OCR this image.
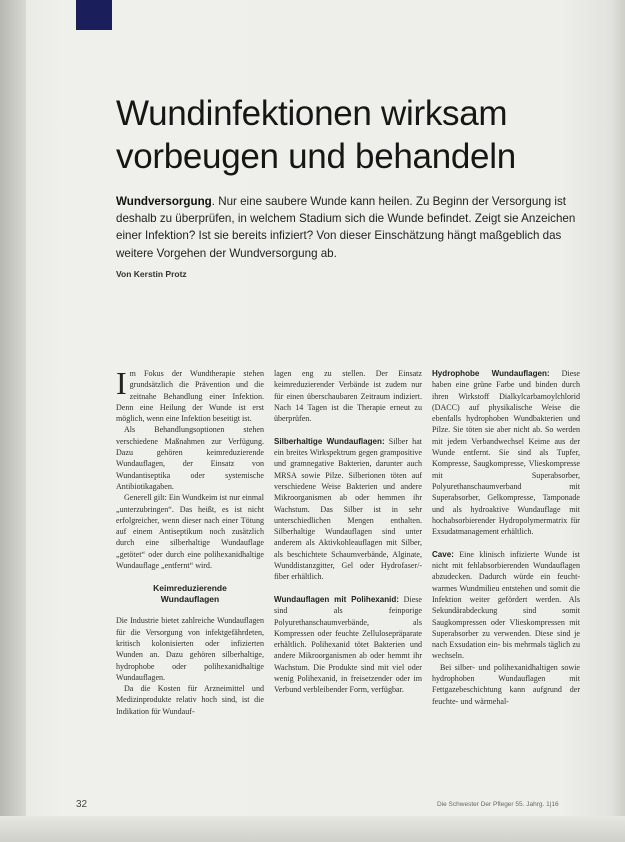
Wundinfektionen wirksam vorbeugen und behandeln

Wundversorgung. Nur eine saubere Wunde kann heilen. Zu Beginn der Versorgung ist deshalb zu überprüfen, in welchem Stadium sich die Wunde befindet. Zeigt sie Anzeichen einer Infektion? Ist sie bereits infiziert? Von dieser Einschätzung hängt maßgeblich das weitere Vorgehen der Wundversorgung ab.

Von Kerstin Protz

Im Fokus der Wundtherapie stehen grundsätzlich die Prävention und die zeitnahe Behandlung einer Infektion. Denn eine Heilung der Wunde ist erst möglich, wenn eine Infektion beseitigt ist.

Als Behandlungsoptionen stehen verschiedene Maßnahmen zur Verfügung. Dazu gehören keimreduzierende Wundauflagen, der Einsatz von Wundantiseptika oder systemische Antibiotikagaben.

Generell gilt: Ein Wundkeim ist nur einmal „unterzubringen“. Das heißt, es ist nicht erfolgreicher, wenn dieser nach einer Tötung auf einem Antiseptikum noch zusätzlich durch eine silberhaltige Wundauflage „getötet“ oder durch eine polihexanidhaltige Wundauflage „entfernt“ wird.

Keimreduzierende
Wundauflagen

Die Industrie bietet zahlreiche Wundauflagen für die Versorgung von infektgefährdeten, kritisch kolonisierten oder infizierten Wunden an. Dazu gehören silberhaltige, hydrophobe oder polihexanidhaltige Wundauflagen.

Da die Kosten für Arzneimittel und Medizinprodukte relativ hoch sind, ist die Indikation für Wundauf-

lagen eng zu stellen. Der Einsatz keimreduzierender Verbände ist zudem nur für einen überschaubaren Zeitraum indiziert. Nach 14 Tagen ist die Therapie erneut zu überprüfen.

Silberhaltige Wundauflagen: Silber hat ein breites Wirkspektrum gegen grampositive und gramnegative Bakterien, darunter auch MRSA sowie Pilze. Silberionen töten auf verschiedene Weise Bakterien und andere Mikroorganismen ab oder hemmen ihr Wachstum. Das Silber ist in sehr unterschiedlichen Mengen enthalten. Silberhaltige Wundauflagen sind unter anderem als Aktivkohleauflagen mit Silber, als beschichtete Schaumverbände, Alginate, Wunddistanzgitter, Gel oder Hydrofaser/-fiber erhältlich.

Wundauflagen mit Polihexanid: Diese sind als feinporige Polyurethanschaumverbände, als Kompressen oder feuchte Zellulosepräparate erhältlich. Polihexanid tötet Bakterien und andere Mikroorganismen ab oder hemmt ihr Wachstum. Die Produkte sind mit viel oder wenig Polihexanid, in freisetzender oder im Verbund verbleibender Form, verfügbar.

Hydrophobe Wundauflagen: Diese haben eine grüne Farbe und binden durch ihren Wirkstoff Dialkylcarbamoylchlorid (DACC) auf physikalische Weise die ebenfalls hydrophoben Wundbakterien und Pilze. Sie töten sie aber nicht ab. So werden mit jedem Verbandwechsel Keime aus der Wunde entfernt. Sie sind als Tupfer, Kompresse, Saugkompresse, Vlieskompresse mit Superabsorber, Polyurethanschaumverband mit Superabsorber, Gelkompresse, Tamponade und als hydroaktive Wundauflage mit hochabsorbierender Hydropolymermatrix für Exsudatmanagement erhältlich.

Cave: Eine klinisch infizierte Wunde ist nicht mit fehlabsorbierenden Wundauflagen abzudecken. Dadurch würde ein feucht-warmes Wundmilieu entstehen und somit die Infektion weiter gefördert werden. Als Sekundärabdeckung sind somit Saugkompressen oder Vlieskompressen mit Superabsorber zu verwenden. Diese sind je nach Exsudation ein- bis mehrmals täglich zu wechseln.

Bei silber- und polihexanidhaltigen sowie hydrophoben Wundauflagen mit Fettgazebeschichtung kann aufgrund der feuchte- und wärmehal-

32	Die Schwester Der Pfleger 55. Jahrg. 1|16
